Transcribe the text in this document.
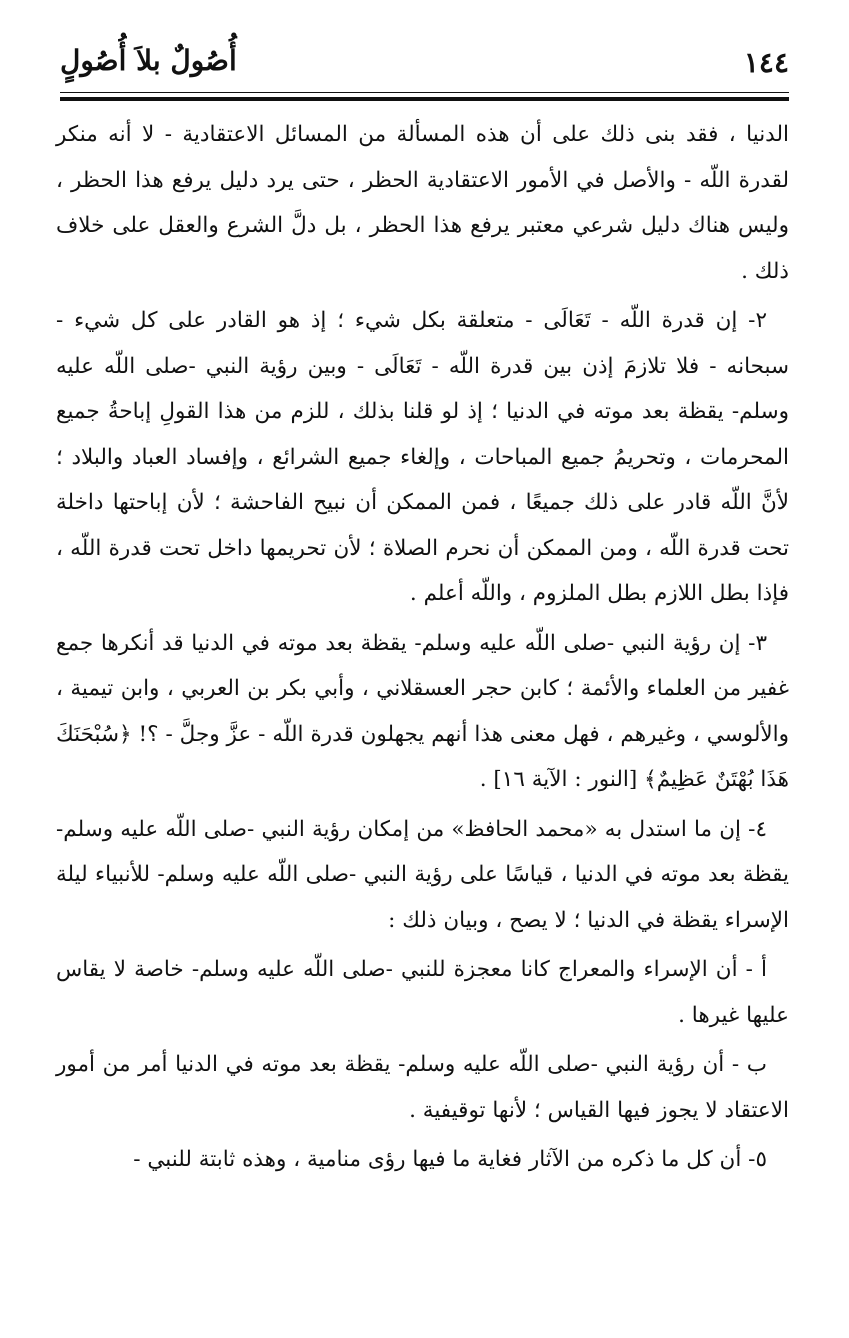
١٤٤
أُصُولٌ بلاَ أُصُولٍ

الدنيا ، فقد بنى ذلك على أن هذه المسألة من المسائل الاعتقادية - لا أنه منكر لقدرة اللّه - والأصل في الأمور الاعتقادية الحظر ، حتى يرد دليل يرفع هذا الحظر ، وليس هناك دليل شرعي معتبر يرفع هذا الحظر ، بل دلَّ الشرع والعقل على خلاف ذلك .

٢- إن قدرة اللّه - تَعَالَى - متعلقة بكل شيء ؛ إذ هو القادر على كل شيء - سبحانه - فلا تلازمَ إذن بين قدرة اللّه - تَعَالَى - وبين رؤية النبي -صلى اللّه عليه وسلم- يقظة بعد موته في الدنيا ؛ إذ لو قلنا بذلك ، للزم من هذا القولِ إباحةُ جميع المحرمات ، وتحريمُ جميع المباحات ، وإلغاء جميع الشرائع ، وإفساد العباد والبلاد ؛ لأنَّ اللّه قادر على ذلك جميعًا ، فمن الممكن أن نبيح الفاحشة ؛ لأن إباحتها داخلة تحت قدرة اللّه ، ومن الممكن أن نحرم الصلاة ؛ لأن تحريمها داخل تحت قدرة اللّه ، فإذا بطل اللازم بطل الملزوم ، واللّه أعلم .

٣- إن رؤية النبي -صلى اللّه عليه وسلم- يقظة بعد موته في الدنيا قد أنكرها جمع غفير من العلماء والأئمة ؛ كابن حجر العسقلاني ، وأبي بكر بن العربي ، وابن تيمية ، والألوسي ، وغيرهم ، فهل معنى هذا أنهم يجهلون قدرة اللّه - عزَّ وجلَّ - ؟! ﴿سُبْحَنَكَ هَذَا بُهْتَنٌ عَظِيمٌ﴾ [النور : الآية ١٦] .

٤- إن ما استدل به «محمد الحافظ» من إمكان رؤية النبي -صلى اللّه عليه وسلم- يقظة بعد موته في الدنيا ، قياسًا على رؤية النبي -صلى اللّه عليه وسلم- للأنبياء ليلة الإسراء يقظة في الدنيا ؛ لا يصح ، وبيان ذلك :

أ - أن الإسراء والمعراج كانا معجزة للنبي -صلى اللّه عليه وسلم- خاصة لا يقاس عليها غيرها .

ب - أن رؤية النبي -صلى اللّه عليه وسلم- يقظة بعد موته في الدنيا أمر من أمور الاعتقاد لا يجوز فيها القياس ؛ لأنها توقيفية .

٥- أن كل ما ذكره من الآثار فغاية ما فيها رؤى منامية ، وهذه ثابتة للنبي -
